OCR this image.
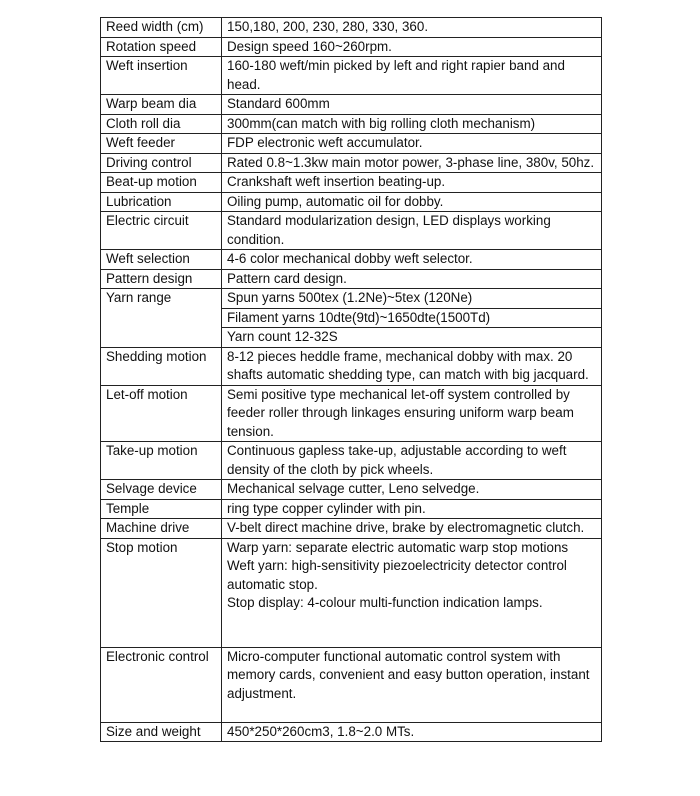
Reed width (cm)	150,180, 200, 230, 280, 330, 360.
Rotation speed	Design speed 160~260rpm.
Weft insertion	160-180 weft/min picked by left and right rapier band and head.
Warp beam dia	Standard 600mm
Cloth roll dia	300mm(can match with big rolling cloth mechanism)
Weft feeder	FDP electronic weft accumulator.
Driving control	Rated 0.8~1.3kw main motor power, 3-phase line, 380v, 50hz.
Beat-up motion	Crankshaft weft insertion beating-up.
Lubrication	Oiling pump, automatic oil for dobby.
Electric circuit	Standard modularization design, LED displays working condition.
Weft selection	4-6 color mechanical dobby weft selector.
Pattern design	Pattern card design.
Yarn range	Spun yarns 500tex (1.2Ne)~5tex (120Ne)
	Filament yarns 10dte(9td)~1650dte(1500Td)
	Yarn count 12-32S
Shedding motion	8-12 pieces heddle frame, mechanical dobby with max. 20 shafts automatic shedding type, can match with big jacquard.
Let-off motion	Semi positive type mechanical let-off system controlled by feeder roller through linkages ensuring uniform warp beam tension.
Take-up motion	Continuous gapless take-up, adjustable according to weft density of the cloth by pick wheels.
Selvage device	Mechanical selvage cutter, Leno selvedge.
Temple	ring type copper cylinder with pin.
Machine drive	V-belt direct machine drive, brake by electromagnetic clutch.
Stop motion	Warp yarn: separate electric automatic warp stop motions
Weft yarn: high-sensitivity piezoelectricity detector control automatic stop.
Stop display: 4-colour multi-function indication lamps.

Electronic control	Micro-computer functional automatic control system with memory cards, convenient and easy button operation, instant adjustment.
Size and weight	450*250*260cm3, 1.8~2.0 MTs.
